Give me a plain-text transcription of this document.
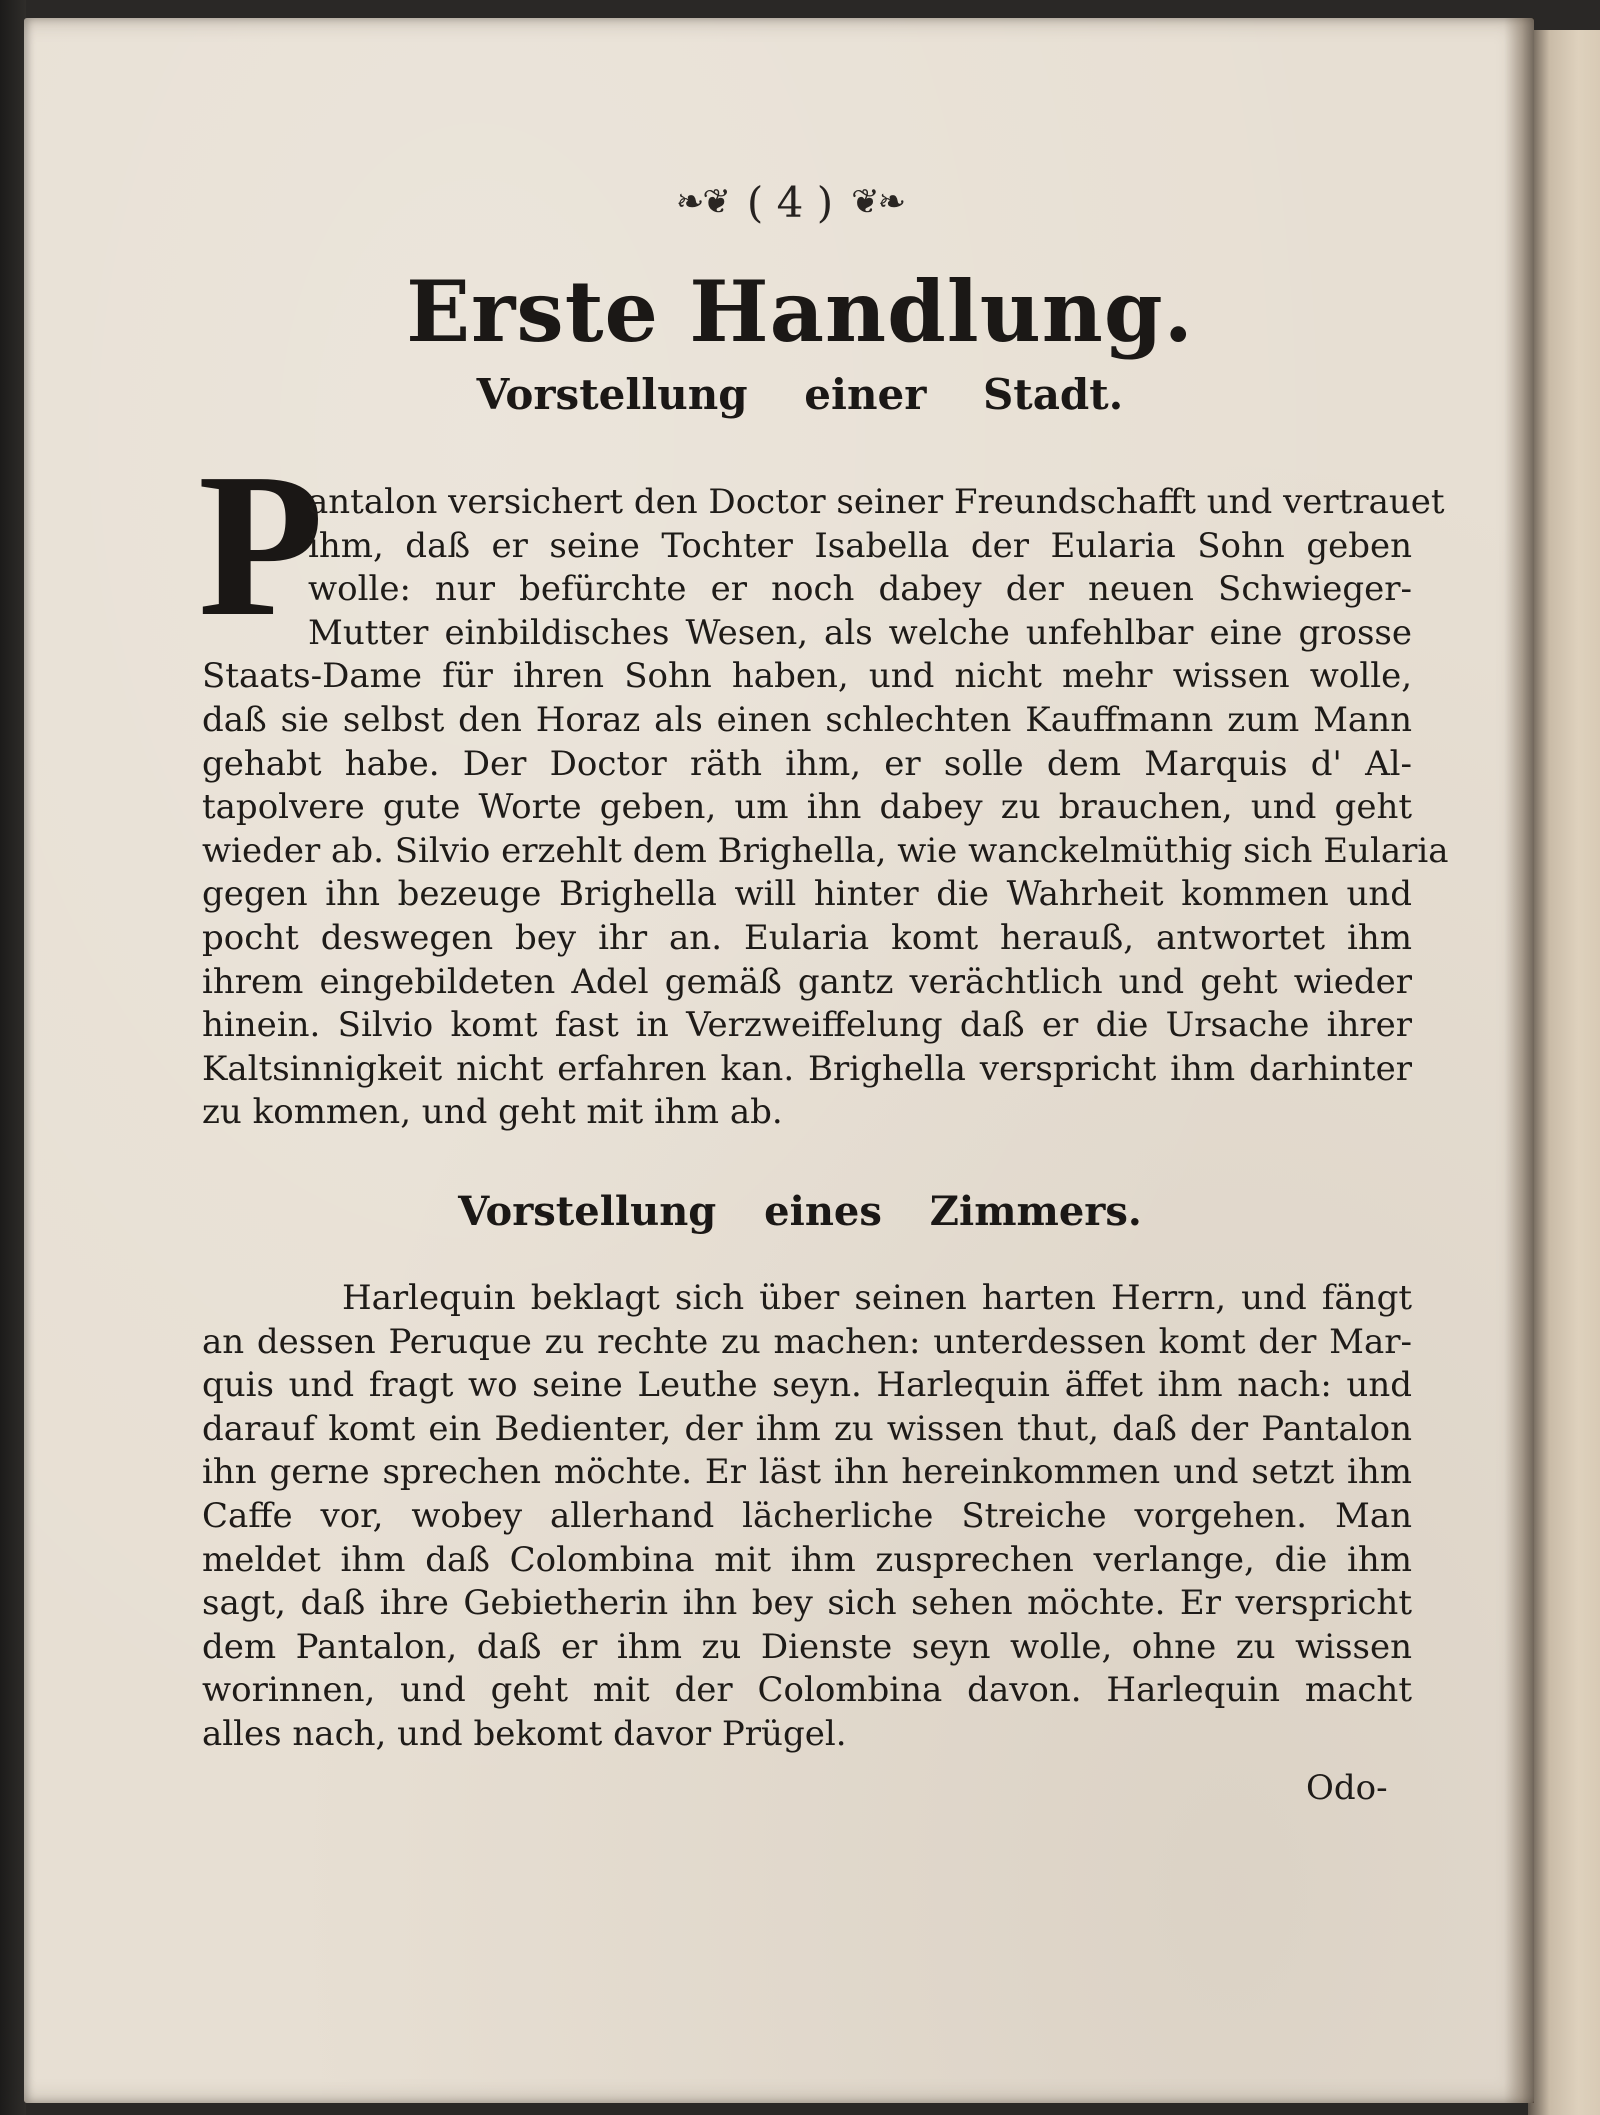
❧❦ ( 4 ) ❦❧
Erste Handlung.
Vorstellung einer Stadt.
P
antalon versichert den Doctor seiner Freundschafft und vertrauet
ihm, daß er seine Tochter Isabella der Eularia Sohn geben
wolle: nur befürchte er noch dabey der neuen Schwieger-
Mutter einbildisches Wesen, als welche unfehlbar eine grosse
Staats-Dame für ihren Sohn haben, und nicht mehr wissen wolle,
daß sie selbst den Horaz als einen schlechten Kauffmann zum Mann
gehabt habe. Der Doctor räth ihm, er solle dem Marquis d' Al-
tapolvere gute Worte geben, um ihn dabey zu brauchen, und geht
wieder ab. Silvio erzehlt dem Brighella, wie wanckelmüthig sich Eularia
gegen ihn bezeuge Brighella will hinter die Wahrheit kommen und
pocht deswegen bey ihr an. Eularia komt herauß, antwortet ihm
ihrem eingebildeten Adel gemäß gantz verächtlich und geht wieder
hinein. Silvio komt fast in Verzweiffelung daß er die Ursache ihrer
Kaltsinnigkeit nicht erfahren kan. Brighella verspricht ihm darhinter
zu kommen, und geht mit ihm ab.
Vorstellung eines Zimmers.
Harlequin beklagt sich über seinen harten Herrn, und fängt
an dessen Peruque zu rechte zu machen: unterdessen komt der Mar-
quis und fragt wo seine Leuthe seyn. Harlequin äffet ihm nach: und
darauf komt ein Bedienter, der ihm zu wissen thut, daß der Pantalon
ihn gerne sprechen möchte. Er läst ihn hereinkommen und setzt ihm
Caffe vor, wobey allerhand lächerliche Streiche vorgehen. Man
meldet ihm daß Colombina mit ihm zusprechen verlange, die ihm
sagt, daß ihre Gebietherin ihn bey sich sehen möchte. Er verspricht
dem Pantalon, daß er ihm zu Dienste seyn wolle, ohne zu wissen
worinnen, und geht mit der Colombina davon. Harlequin macht
alles nach, und bekomt davor Prügel.
Odo-
